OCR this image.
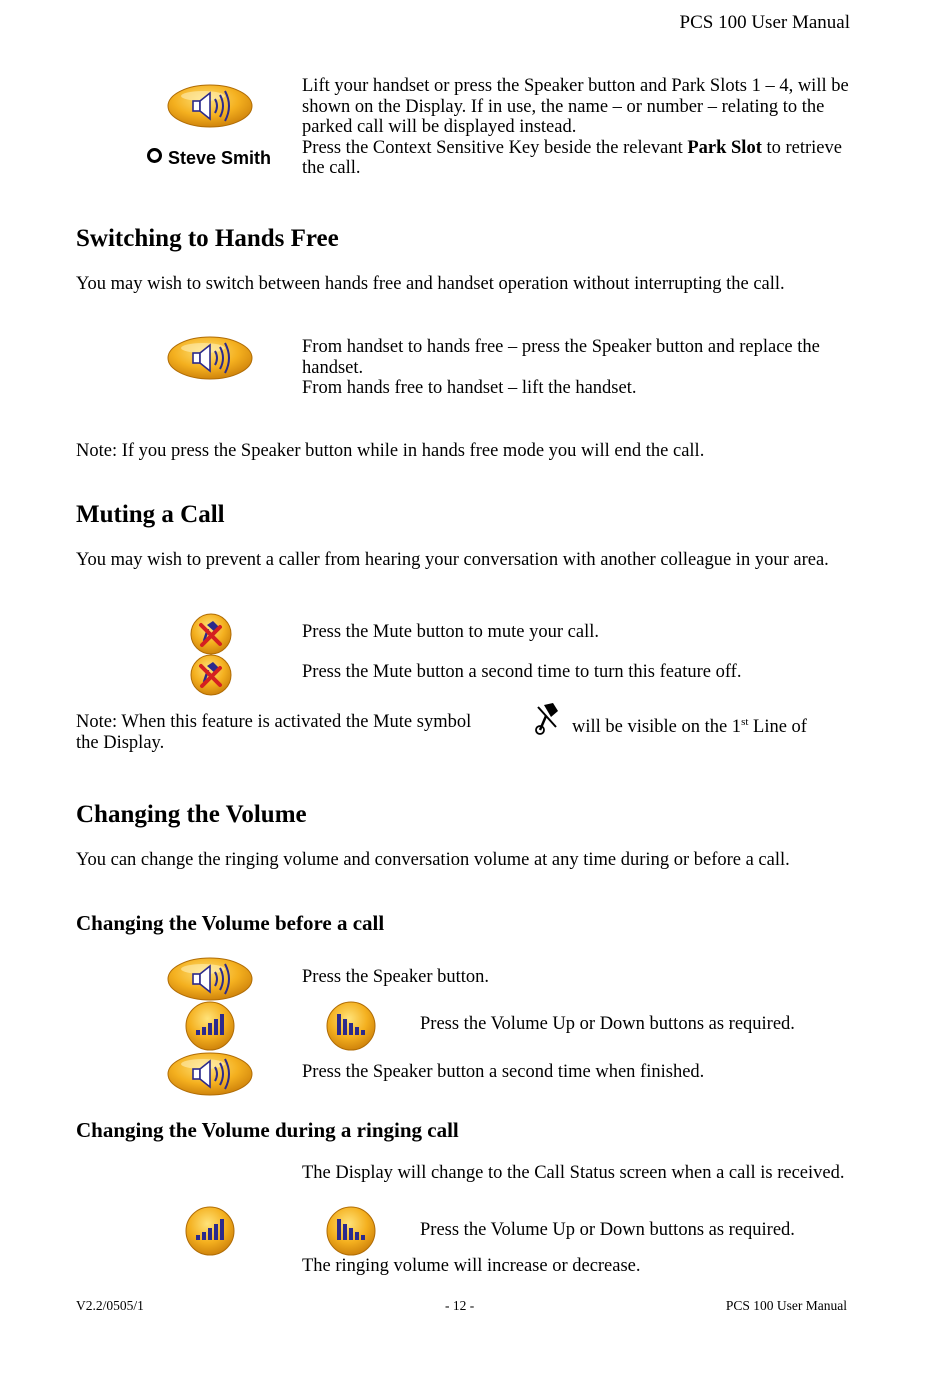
PCS 100 User Manual
Steve Smith
Lift your handset or press the Speaker button and Park Slots 1 – 4, will be shown on the Display. If in use, the name – or number – relating to the parked call will be displayed instead.
Press the Context Sensitive Key beside the relevant Park Slot to retrieve the call.
Switching to Hands Free
You may wish to switch between hands free and handset operation without interrupting the call.
From handset to hands free – press the Speaker button and replace the handset.
From hands free to handset – lift the handset.
Note: If you press the Speaker button while in hands free mode you will end the call.
Muting a Call
You may wish to prevent a caller from hearing your conversation with another colleague in your area.
Press the Mute button to mute your call.
Press the Mute button a second time to turn this feature off.
Note: When this feature is activated the Mute symbol	will be visible on the 1st Line of
the Display.
Changing the Volume
You can change the ringing volume and conversation volume at any time during or before a call.
Changing the Volume before a call
Press the Speaker button.
Press the Volume Up or Down buttons as required.
Press the Speaker button a second time when finished.
Changing the Volume during a ringing call
The Display will change to the Call Status screen when a call is received.
Press the Volume Up or Down buttons as required.
The ringing volume will increase or decrease.
V2.2/0505/1	- 12 -	PCS 100 User Manual
